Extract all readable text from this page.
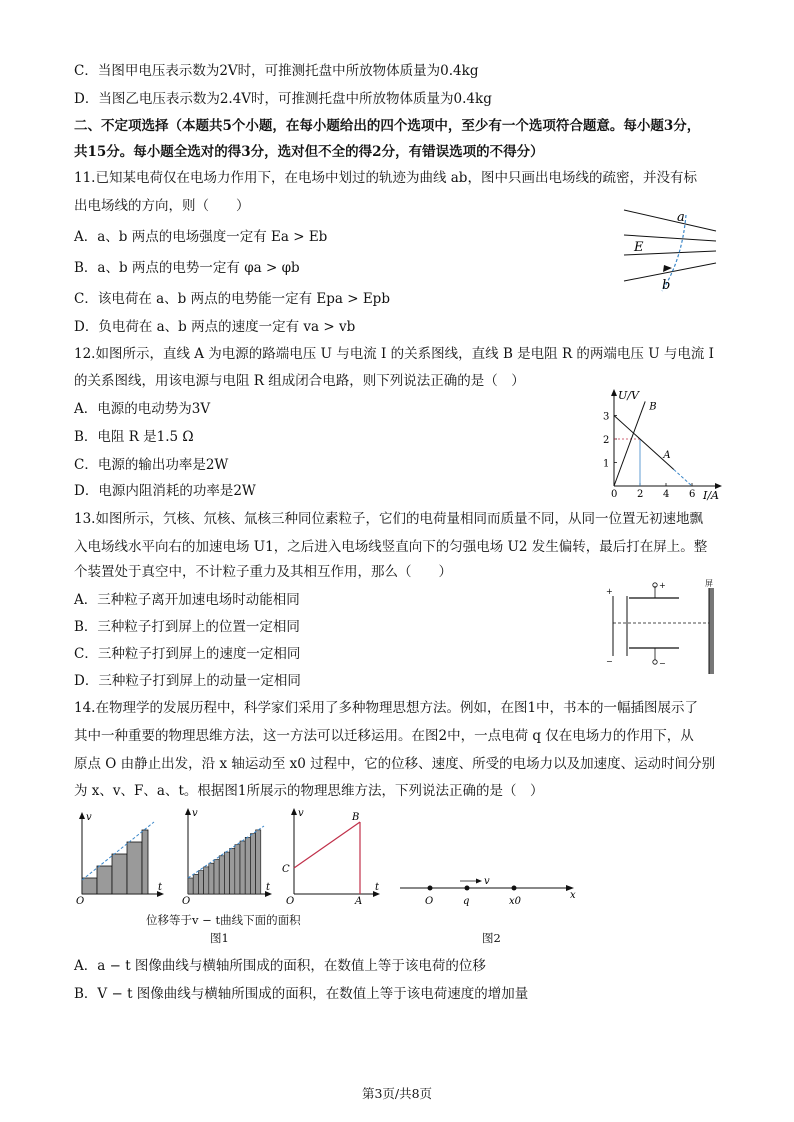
C．当图甲电压表示数为2V时，可推测托盘中所放物体质量为0.4kg
D．当图乙电压表示数为2.4V时，可推测托盘中所放物体质量为0.4kg
二、不定项选择（本题共5个小题，在每小题给出的四个选项中，至少有一个选项符合题意。每小题3分，
共15分。每小题全选对的得3分，选对但不全的得2分，有错误选项的不得分）
11.已知某电荷仅在电场力作用下，在电场中划过的轨迹为曲线 ab，图中只画出电场线的疏密，并没有标
出电场线的方向，则（　　）
A．a、b 两点的电场强度一定有 Ea > Eb
B．a、b 两点的电势一定有 φa > φb
C．该电荷在 a、b 两点的电势能一定有 Epa > Epb
D．负电荷在 a、b 两点的速度一定有 va > vb
a
E
b
12.如图所示，直线 A 为电源的路端电压 U 与电流 I 的关系图线，直线 B 是电阻 R 的两端电压 U 与电流 I
的关系图线，用该电源与电阻 R 组成闭合电路，则下列说法正确的是（　）
A．电源的电动势为3V
B．电阻 R 是1.5 Ω
C．电源的输出功率是2W
D．电源内阻消耗的功率是2W
U/V
I/A
0 2 4 6
1
2
3
A
B
13.如图所示，氕核、氘核、氚核三种同位素粒子，它们的电荷量相同而质量不同，从同一位置无初速地飘
入电场线水平向右的加速电场 U1，之后进入电场线竖直向下的匀强电场 U2 发生偏转，最后打在屏上。整
个装置处于真空中，不计粒子重力及其相互作用，那么（　　）
A．三种粒子离开加速电场时动能相同
B．三种粒子打到屏上的位置一定相同
C．三种粒子打到屏上的速度一定相同
D．三种粒子打到屏上的动量一定相同
+
−
+
−
屏
14.在物理学的发展历程中，科学家们采用了多种物理思想方法。例如，在图1中，书本的一幅插图展示了
其中一种重要的物理思维方法，这一方法可以迁移运用。在图2中，一点电荷 q 仅在电场力的作用下，从
原点 O 由静止出发，沿 x 轴运动至 x0 过程中，它的位移、速度、所受的电场力以及加速度、运动时间分别
为 x、v、F、a、t。根据图1所展示的物理思维方法，下列说法正确的是（　）
v
t
O
v
t
O
v
t
B
C
A
O
位移等于v − t曲线下面的面积
图1
v
O	q	x0
x
图2
A．a − t 图像曲线与横轴所围成的面积，在数值上等于该电荷的位移
B．V − t 图像曲线与横轴所围成的面积，在数值上等于该电荷速度的增加量
第3页/共8页
